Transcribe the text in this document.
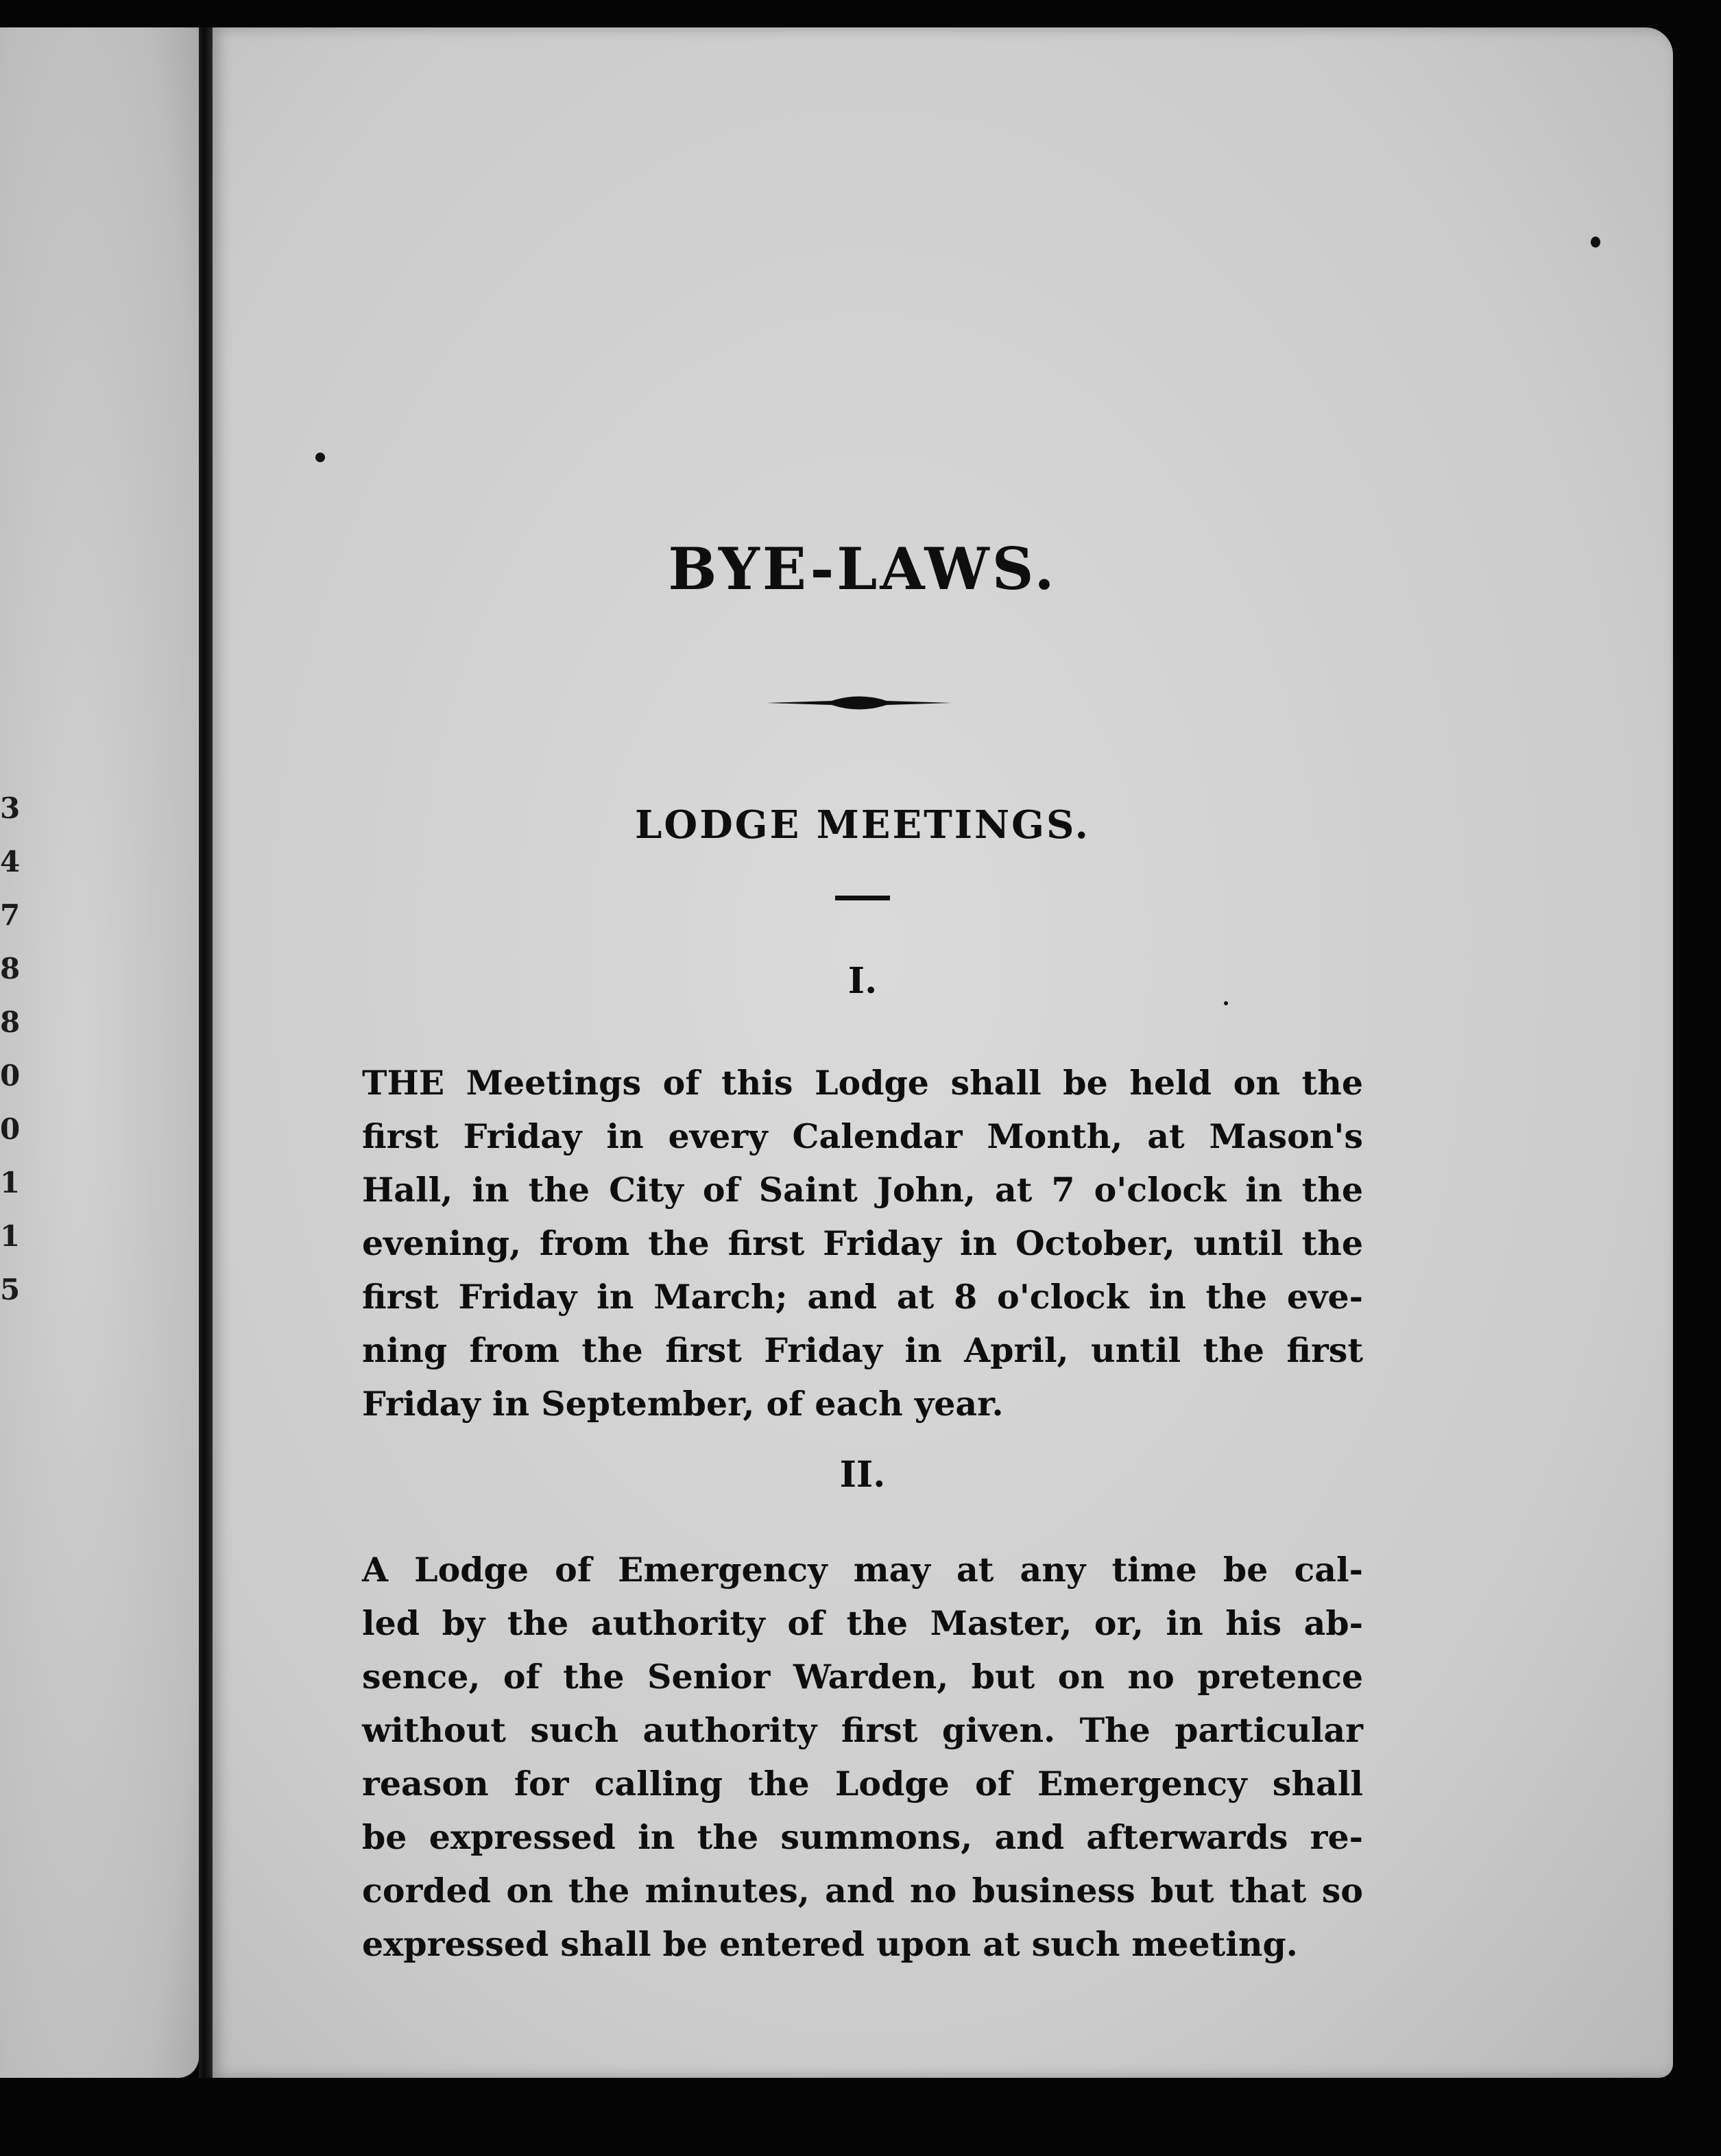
3
4
7
8
8
0
0
1
1
5
BYE-LAWS.
LODGE MEETINGS.
I.
THE Meetings of this Lodge shall be held on the
first Friday in every Calendar Month, at Mason's
Hall, in the City of Saint John, at 7 o'clock in the
evening, from the first Friday in October, until the
first Friday in March; and at 8 o'clock in the eve-
ning from the first Friday in April, until the first
Friday in September, of each year.
II.
A Lodge of Emergency may at any time be cal-
led by the authority of the Master, or, in his ab-
sence, of the Senior Warden, but on no pretence
without such authority first given. The particular
reason for calling the Lodge of Emergency shall
be expressed in the summons, and afterwards re-
corded on the minutes, and no business but that so
expressed shall be entered upon at such meeting.
